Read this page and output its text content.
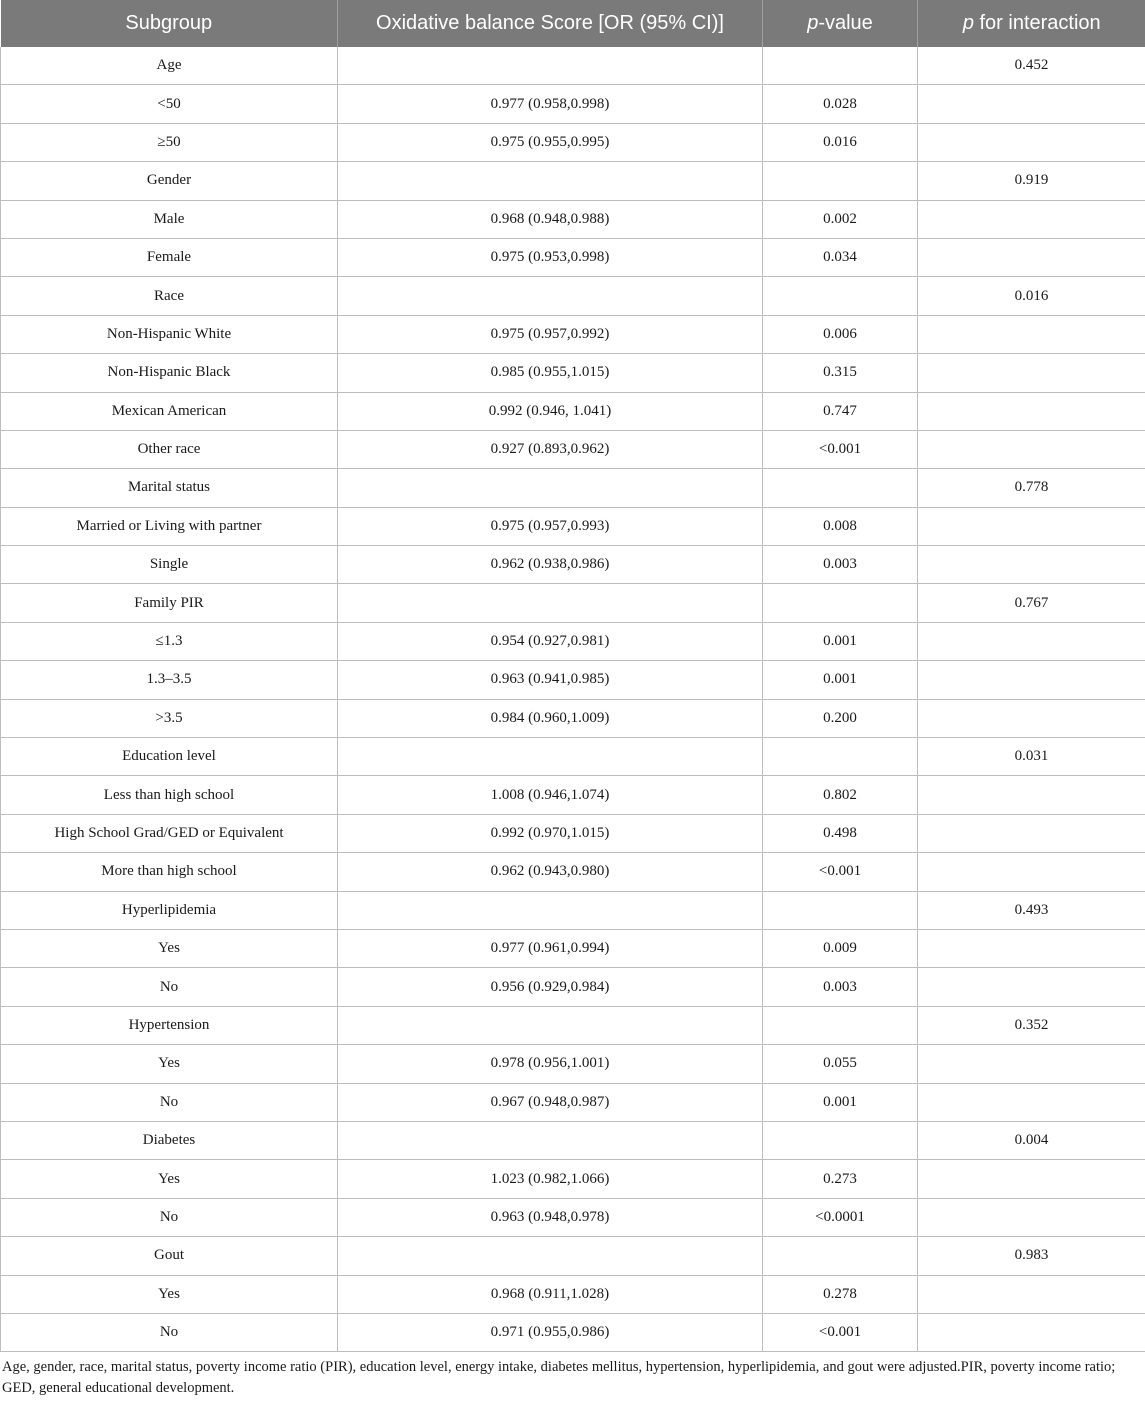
Subgroup	Oxidative balance Score [OR (95% CI)]	p-value	p for interaction
Age			0.452
<50	0.977 (0.958,0.998)	0.028	
≥50	0.975 (0.955,0.995)	0.016	
Gender			0.919
Male	0.968 (0.948,0.988)	0.002	
Female	0.975 (0.953,0.998)	0.034	
Race			0.016
Non-Hispanic White	0.975 (0.957,0.992)	0.006	
Non-Hispanic Black	0.985 (0.955,1.015)	0.315	
Mexican American	0.992 (0.946, 1.041)	0.747	
Other race	0.927 (0.893,0.962)	<0.001	
Marital status			0.778
Married or Living with partner	0.975 (0.957,0.993)	0.008	
Single	0.962 (0.938,0.986)	0.003	
Family PIR			0.767
≤1.3	0.954 (0.927,0.981)	0.001	
1.3–3.5	0.963 (0.941,0.985)	0.001	
>3.5	0.984 (0.960,1.009)	0.200	
Education level			0.031
Less than high school	1.008 (0.946,1.074)	0.802	
High School Grad/GED or Equivalent	0.992 (0.970,1.015)	0.498	
More than high school	0.962 (0.943,0.980)	<0.001	
Hyperlipidemia			0.493
Yes	0.977 (0.961,0.994)	0.009	
No	0.956 (0.929,0.984)	0.003	
Hypertension			0.352
Yes	0.978 (0.956,1.001)	0.055	
No	0.967 (0.948,0.987)	0.001	
Diabetes			0.004
Yes	1.023 (0.982,1.066)	0.273	
No	0.963 (0.948,0.978)	<0.0001	
Gout			0.983
Yes	0.968 (0.911,1.028)	0.278	
No	0.971 (0.955,0.986)	<0.001	

Age, gender, race, marital status, poverty income ratio (PIR), education level, energy intake, diabetes mellitus, hypertension, hyperlipidemia, and gout were adjusted.PIR, poverty income ratio; GED, general educational development.
